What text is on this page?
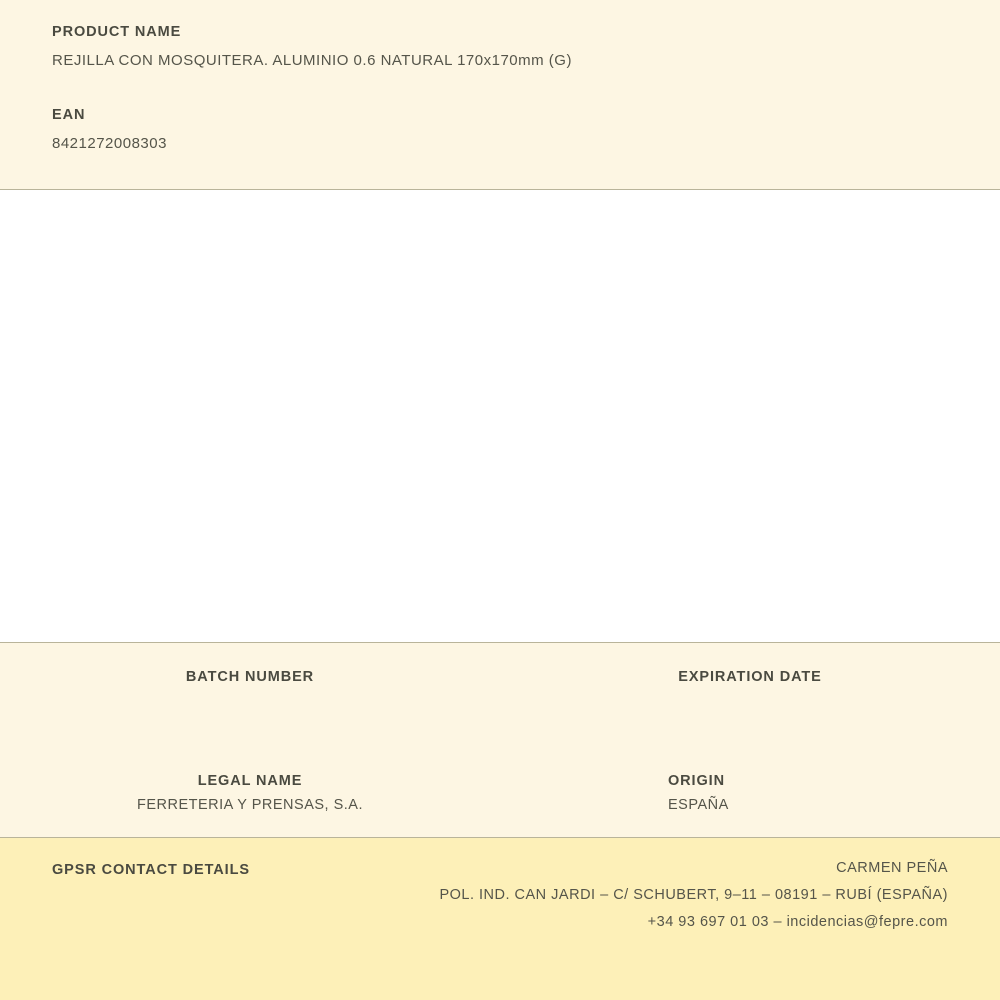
PRODUCT NAME

REJILLA CON MOSQUITERA. ALUMINIO 0.6 NATURAL 170x170mm (G)

EAN

8421272008303

BATCH NUMBER	EXPIRATION DATE

LEGAL NAME

FERRETERIA Y PRENSAS, S.A.

ORIGIN

ESPAÑA

GPSR CONTACT DETAILS	CARMEN PEÑA

POL. IND. CAN JARDI – C/ SCHUBERT, 9–11 – 08191 – RUBÍ (ESPAÑA)

+34 93 697 01 03 – incidencias@fepre.com
